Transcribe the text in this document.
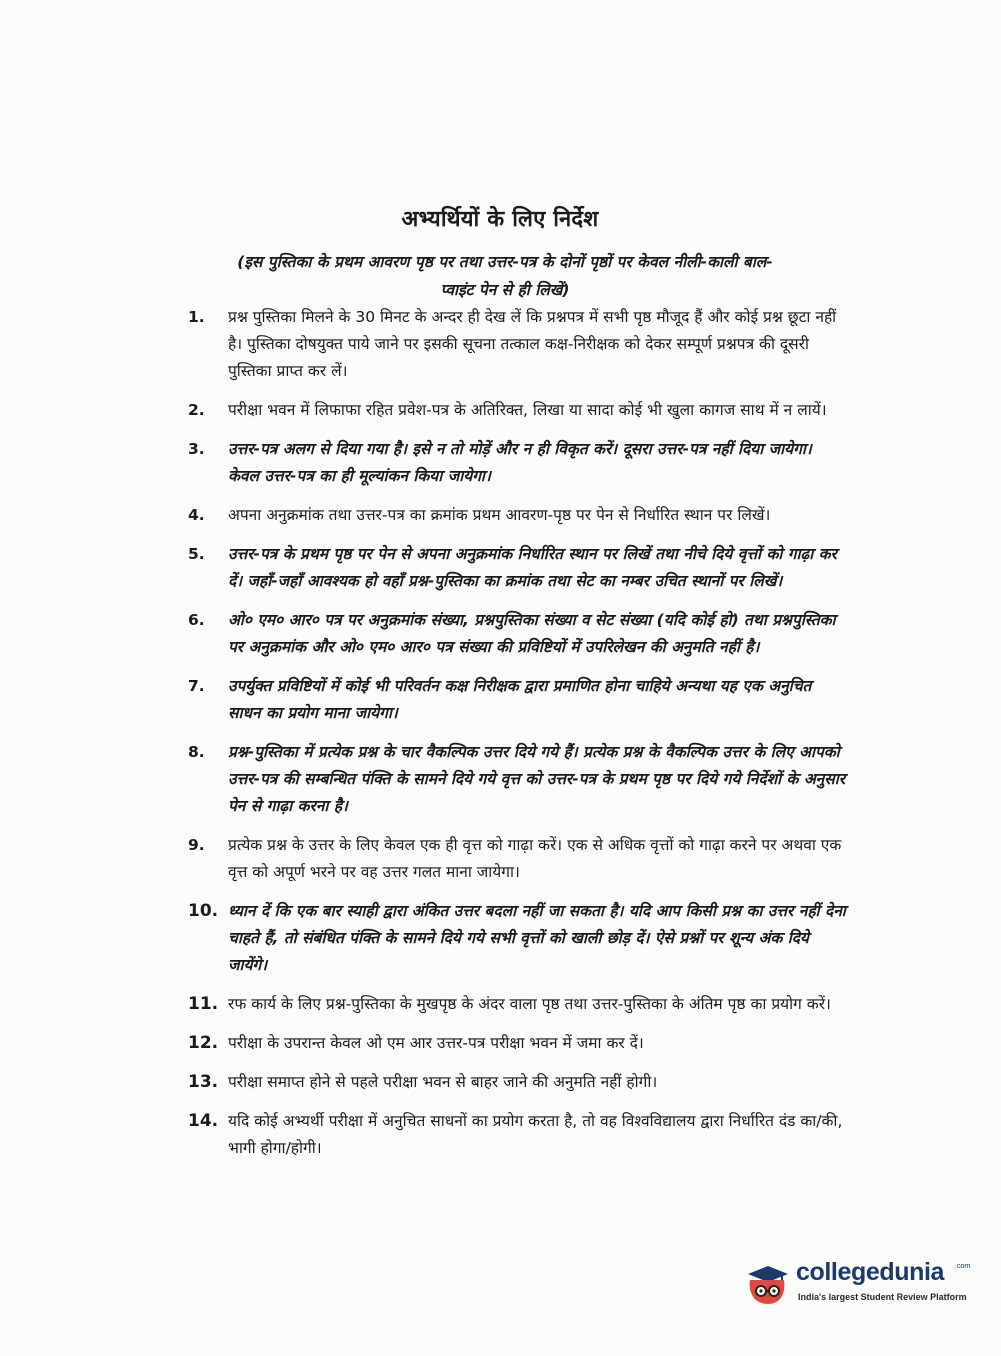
अभ्यर्थियों के लिए निर्देश
(इस पुस्तिका के प्रथम आवरण पृष्ठ पर तथा उत्तर-पत्र के दोनों पृष्ठों पर केवल नीली-काली बाल-प्वाइंट पेन से ही लिखें)
1.	प्रश्न पुस्तिका मिलने के 30 मिनट के अन्दर ही देख लें कि प्रश्नपत्र में सभी पृष्ठ मौजूद हैं और कोई प्रश्न छूटा नहीं है। पुस्तिका दोषयुक्त पाये जाने पर इसकी सूचना तत्काल कक्ष-निरीक्षक को देकर सम्पूर्ण प्रश्नपत्र की दूसरी पुस्तिका प्राप्त कर लें।
2.	परीक्षा भवन में लिफाफा रहित प्रवेश-पत्र के अतिरिक्त, लिखा या सादा कोई भी खुला कागज साथ में न लायें।
3.	उत्तर-पत्र अलग से दिया गया है। इसे न तो मोड़ें और न ही विकृत करें। दूसरा उत्तर-पत्र नहीं दिया जायेगा। केवल उत्तर-पत्र का ही मूल्यांकन किया जायेगा।
4.	अपना अनुक्रमांक तथा उत्तर-पत्र का क्रमांक प्रथम आवरण-पृष्ठ पर पेन से निर्धारित स्थान पर लिखें।
5.	उत्तर-पत्र के प्रथम पृष्ठ पर पेन से अपना अनुक्रमांक निर्धारित स्थान पर लिखें तथा नीचे दिये वृत्तों को गाढ़ा कर दें। जहाँ-जहाँ आवश्यक हो वहाँ प्रश्न-पुस्तिका का क्रमांक तथा सेट का नम्बर उचित स्थानों पर लिखें।
6.	ओ० एम० आर० पत्र पर अनुक्रमांक संख्या, प्रश्नपुस्तिका संख्या व सेट संख्या (यदि कोई हो) तथा प्रश्नपुस्तिका पर अनुक्रमांक और ओ० एम० आर० पत्र संख्या की प्रविष्टियों में उपरिलेखन की अनुमति नहीं है।
7.	उपर्युक्त प्रविष्टियों में कोई भी परिवर्तन कक्ष निरीक्षक द्वारा प्रमाणित होना चाहिये अन्यथा यह एक अनुचित साधन का प्रयोग माना जायेगा।
8.	प्रश्न-पुस्तिका में प्रत्येक प्रश्न के चार वैकल्पिक उत्तर दिये गये हैं। प्रत्येक प्रश्न के वैकल्पिक उत्तर के लिए आपको उत्तर-पत्र की सम्बन्धित पंक्ति के सामने दिये गये वृत्त को उत्तर-पत्र के प्रथम पृष्ठ पर दिये गये निर्देशों के अनुसार पेन से गाढ़ा करना है।
9.	प्रत्येक प्रश्न के उत्तर के लिए केवल एक ही वृत्त को गाढ़ा करें। एक से अधिक वृत्तों को गाढ़ा करने पर अथवा एक वृत्त को अपूर्ण भरने पर वह उत्तर गलत माना जायेगा।
10. ध्यान दें कि एक बार स्याही द्वारा अंकित उत्तर बदला नहीं जा सकता है। यदि आप किसी प्रश्न का उत्तर नहीं देना चाहते हैं, तो संबंधित पंक्ति के सामने दिये गये सभी वृत्तों को खाली छोड़ दें। ऐसे प्रश्नों पर शून्य अंक दिये जायेंगे।
11. रफ कार्य के लिए प्रश्न-पुस्तिका के मुखपृष्ठ के अंदर वाला पृष्ठ तथा उत्तर-पुस्तिका के अंतिम पृष्ठ का प्रयोग करें।
12. परीक्षा के उपरान्त केवल ओ एम आर उत्तर-पत्र परीक्षा भवन में जमा कर दें।
13. परीक्षा समाप्त होने से पहले परीक्षा भवन से बाहर जाने की अनुमति नहीं होगी।
14. यदि कोई अभ्यर्थी परीक्षा में अनुचित साधनों का प्रयोग करता है, तो वह विश्वविद्यालय द्वारा निर्धारित दंड का/की, भागी होगा/होगी।
collegedunia .com
India's largest Student Review Platform
